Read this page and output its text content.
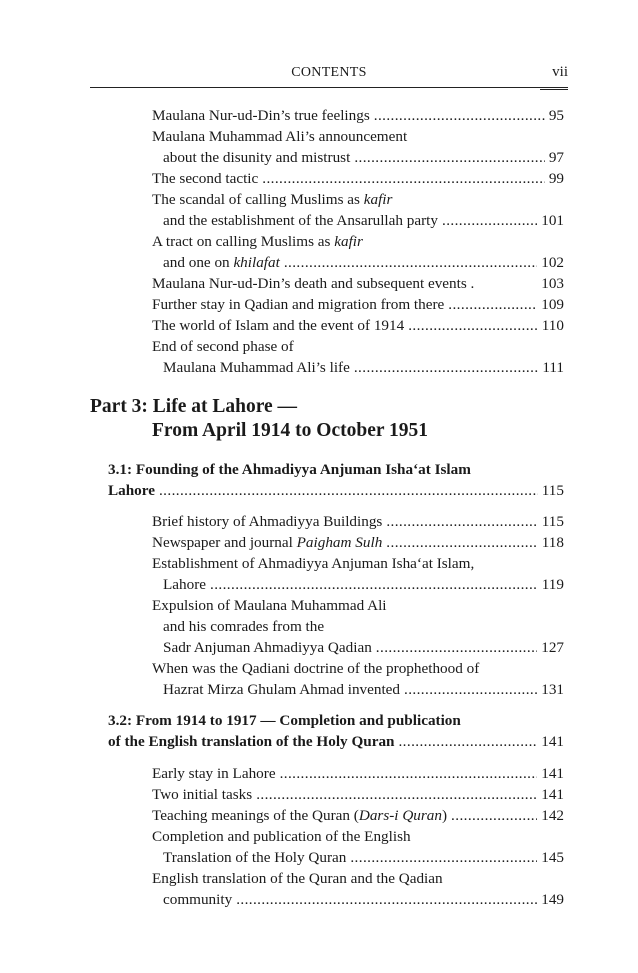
CONTENTS	vii
Maulana Nur-ud-Din’s true feelings .....	95
Maulana Muhammad Ali’s announcement
about the disunity and mistrust .....	97
The second tactic .....	99
The scandal of calling Muslims as kafir
and the establishment of the Ansarullah party .....	101
A tract on calling Muslims as kafir
and one on khilafat .....	102
Maulana Nur-ud-Din’s death and subsequent events .	103
Further stay in Qadian and migration from there .....	109
The world of Islam and the event of 1914 .....	110
End of second phase of
Maulana Muhammad Ali’s life .....	111
Part 3: Life at Lahore —
From April 1914 to October 1951
3.1: Founding of the Ahmadiyya Anjuman Isha‘at Islam
Lahore .....	115
Brief history of Ahmadiyya Buildings .....	115
Newspaper and journal Paigham Sulh .....	118
Establishment of Ahmadiyya Anjuman Isha‘at Islam,
Lahore .....	119
Expulsion of Maulana Muhammad Ali
and his comrades from the
Sadr Anjuman Ahmadiyya Qadian .....	127
When was the Qadiani doctrine of the prophethood of
Hazrat Mirza Ghulam Ahmad invented .....	131
3.2: From 1914 to 1917 — Completion and publication
of the English translation of the Holy Quran .....	141
Early stay in Lahore .....	141
Two initial tasks .....	141
Teaching meanings of the Quran (Dars-i Quran) .....	142
Completion and publication of the English
Translation of the Holy Quran .....	145
English translation of the Quran and the Qadian
community .....	149
